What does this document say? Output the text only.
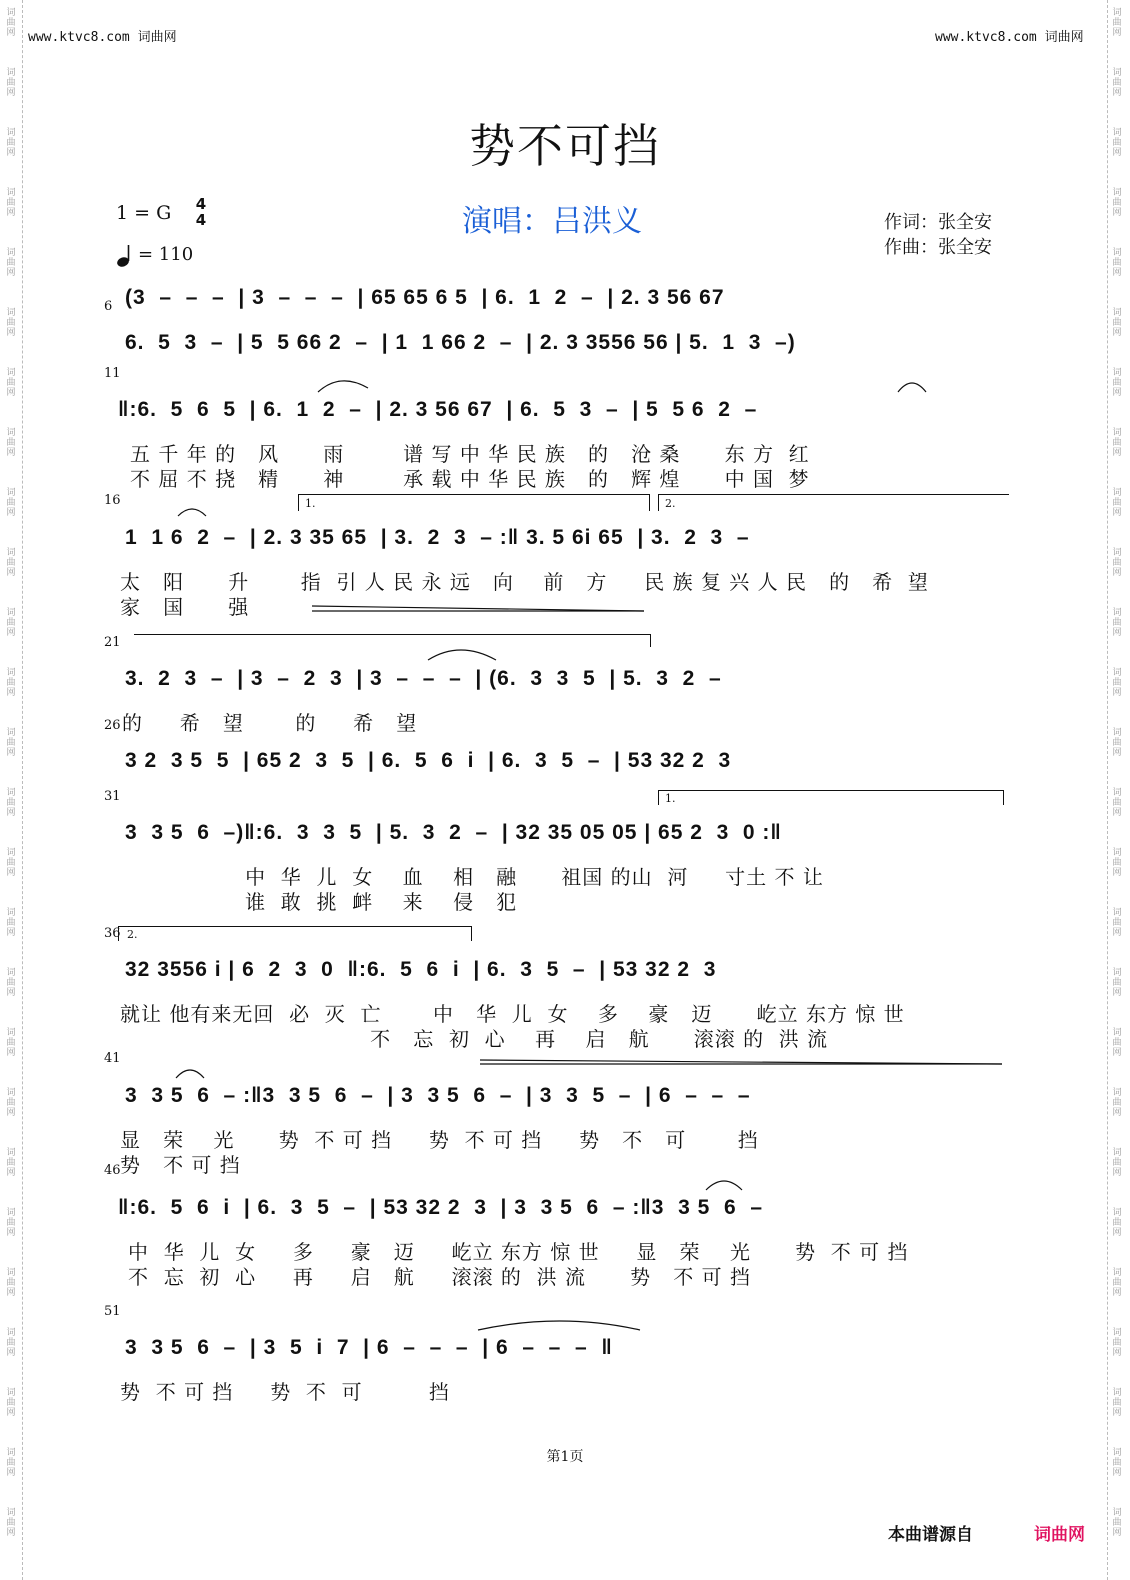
www.ktvc8.com 词曲网	www.ktvc8.com 词曲网
势不可挡
1 = G 4
4
= 110
演唱：吕洪义	作词：张全安
作曲：张全安
6
11
16
21
26
31
36
41
46
51
(3  –  –  –  | 3  –  –  –  | 65 65 6 5  | 6.  1  2  –  | 2. 3 56 67
6.  5  3  –  | 5  5 66 2  –  | 1  1 66 2  –  | 2. 3 3556 56 | 5.  1  3  –)
‖:6.  5  6  5  | 6.  1  2  –  | 2. 3 56 67  | 6.  5  3  –  | 5  5 6  2  –
五 千 年 的   风      雨        谱 写 中 华 民 族   的   沧 桑      东 方  红
不 屈 不 挠   精      神        承 载 中 华 民 族   的   辉 煌      中 国  梦
1  1 6  2  –  | 2. 3 35 65  | 3.  2  3  – :‖ 3. 5 6i 65  | 3.  2  3  –
太   阳      升       指  引 人 民 永 远   向    前   方     民 族 复 兴 人 民   的   希  望
家   国      强
3.  2  3  –  | 3  –  2  3  | 3  –  –  –  | (6.  3  3  5  | 5.  3  2  –
的     希   望       的     希   望
3 2  3 5  5  | 65 2  3  5  | 6.  5  6  i  | 6.  3  5  –  | 53 32 2  3
3  3 5  6  –)‖:6.  3  3  5  | 5.  3  2  –  | 32 35 05 05 | 65 2  3  0 :‖
中  华  儿  女    血    相   融      祖国 的山  河     寸土 不 让
谁  敢  挑  衅    来    侵   犯
32 3556 i | 6  2  3  0  ‖:6.  5  6  i  | 6.  3  5  –  | 53 32 2  3
就让 他有来无回  必  灭  亡       中   华  儿  女    多    豪   迈      屹立 东方 惊 世
不   忘  初  心    再    启   航      滚滚 的  洪 流
3  3 5  6  – :‖3  3 5  6  –  | 3  3 5  6  –  | 3  3  5  –  | 6  –  –  –
显   荣    光      势  不 可 挡     势  不 可 挡     势   不   可       挡
势   不 可 挡
‖:6.  5  6  i  | 6.  3  5  –  | 53 32 2  3  | 3  3 5  6  – :‖3  3 5  6  –
中  华  儿  女     多     豪   迈     屹立 东方 惊 世     显   荣    光      势  不 可 挡
不  忘  初  心     再     启   航     滚滚 的  洪 流      势   不 可 挡
3  3 5  6  –  | 3  5  i  7  | 6  –  –  –  | 6  –  –  –  ‖
势  不 可 挡     势  不  可         挡
1.	2.
1.
2.
第1页
本曲谱源自	词曲网
词
曲
网
词
曲
网
词
曲
网
词
曲
网
词
曲
网
词
曲
网
词
曲
网
词
曲
网
词
曲
网
词
曲
网
词
曲
网
词
曲
网
词
曲
网
词
曲
网
词
曲
网
词
曲
网
词
曲
网
词
曲
网
词
曲
网
词
曲
网
词
曲
网
词
曲
网
词
曲
网
词
曲
网
词
曲
网
词
曲
网
词
曲
网
词
曲
网
词
曲
网
词
曲
网
词
曲
网
词
曲
网
词
曲
网
词
曲
网
词
曲
网
词
曲
网
词
曲
网
词
曲
网
词
曲
网
词
曲
网
词
曲
网
词
曲
网
词
曲
网
词
曲
网
词
曲
网
词
曲
网
词
曲
网
词
曲
网
词
曲
网
词
曲
网
词
曲
网
词
曲
网
